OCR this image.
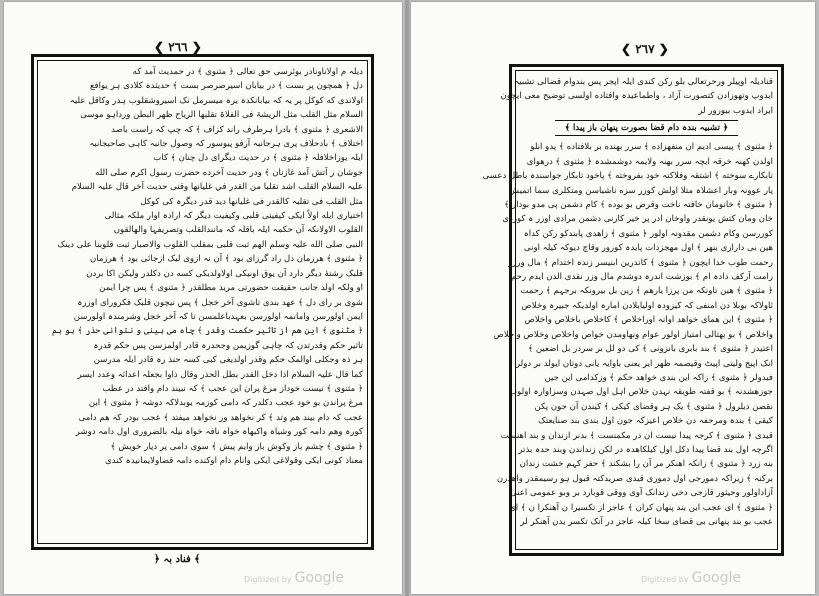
❮ ٢٦٦ ❯
دیلہ م اولاناونادر بوئرسی حق تعالی ﴿ مثنوی ﴾ در حمدیث آمد که
دل ﴿ همچون پر بست ﴾ در بیابان اسیرصرصر بست ﴾ حدیثدہ کلادی ہر یوافع
اولاندی که کوکل پر یہ کہ بیابانکدہ یرہ میسرمل نک اسیروشقلوب ہدر وکاقل علیہ
السلام مثل القلب مثل الریشۃ فی الفلاۃ تقلبها الریاح ظهر البطن ورداہو موسی
الاشعری ﴿ مثنوی ﴾ بادرا ہرطرف راند کزاف ﴾ کہ چپ کہ راست باصد
اختلاف ﴾ بادحلاف پری ہرجانبہ آرفو پیوسور کہ وصول جانبہ کاہی صاحبجانبہ
ایلہ یوزاخلافلہ ﴿ مثنوی ﴾ در حدیث دیگرای دل چنان ﴾ کاب
جوشان ز آتش آمد غازنان ﴾ ودر حدیث آخرده حضرت رسول اکرم صلی الله
علیہ السلام القلب اشد تقلبا من القدر في غليانها وقتی حدیث آخر قال علیہ السلام
مثل القلب فی تقلبہ کالقدر فی غلیانها دید قدر دیگرہ کی کوکل
اختیاری ایله اولاً ایکی کیفیتی قلبی وکیفیت دیگر کہ ارادہ اوار ملکہ مثالی
القلوب الاولانکہ آن حکمہ ایلہ باقلہ کہ مانندالقلب وتصریفہا والهالقوں
النبی صلی الله علیہ وسلم الهم ثبت قلبی بمقلب القلوب والاصبار ثبت قلوبنا علی دینک
﴿ مثنوی ﴾ هرزمان دل راد گرزای بود ﴾ آن نہ ازوی لیک ازجائی بود ﴾ هرزمان
قلبک رشتهٔ دیگر دارد آن یوق اونیکی اولاولدیکی کسه دن دکلدر ولیکن اکا بردن
او ولکہ اولد جانب حقیقت حضورتی مرید مطلقدر ﴿ مثنوی ﴾ پس چرا ایمن
شوی بر رای دل ﴾ عهد بندی تاشوی آخر خجل ﴾ پس نیچون قلبک فکرورای اوزرہ
ایمن اولورسن وامانمہ اولورسن بعہدباعلمسن تا کہ آخر خجل وشرمندہ اولورسن
﴿ مثنوی ﴾ این هم از تاثیر حکمت وقدر ﴾ چاہ می بینی و نتوانی حذر ﴾ بو ہم
تاثیر حکم وقدرتدن کہ چاہی گوزیمن وجحدرہ قادر اولمزسن پس حکم قدرہ
ہر ذہ وجکلی اوالمک حکم وقدر اولدیغی کبی کسہ حنذ رہ قادر ایلہ مدرسن
کما قال علیہ السلام اذا دخل القدر بطل الحذر وقال ذاوا بجعلہ اعدائہ وعدد ایسر
﴿ مثنوی ﴾ نیست خوداز مرغ پران این عجب ﴾ کہ نبیند دام وافتد در عطب
مرغ پراندن بو خود عجب دکلدر کہ دامی کوزمہ یوبدلاکہ دوشہ ﴿ مثنوی ﴾ این
عجب کہ دام بیند هم وتد ﴾ کر نخواهد ور نخواهد میفتد ﴾ عجب بودر کہ هم دامی
کورہ وهم دامہ کور وشیاہ واکبھاہ خواہ نافہ خواہ نیلہ بالضروری اول دامہ دوشر
﴿ مثنوی ﴾ چشم باز وکوش باز وایم پیش ﴾ سوی دامی پر دپار خویش ﴾
معناذ کونی ایکی وقولاغی ایکی وانام دام اوکنده دامہ قضاولایمانیدہ کندی
﴿ فناد بہ ﴾
Digitized by Google
❮ ٢٦٧ ❯
قنادیلہ اوپیلر ورحرتعالی بلو رکن کندی ایلہ اپجر پس بندوام قضالی تشبیہ
ایدوپ وتهوزادن کتصورت آزاد ، واطماعیدہ وافتاده اولسی توضیح معی ایچون
ایراد ایدوب بیورور لر
﴿ تشبیہ بندہ دام قضا بصورت پنهان باز پیدا ﴾
﴿ مثنوی ﴾ پیسی ادیم ان منفهزاده ﴾ سرر بهنده بر بلافتاده ﴾ پدو انلو
اولدن کهنہ خرقہ ایچہ سرر بهنہ ولایمہ دوشمشدہ ﴿ مثنوی ﴾ درهوای
تابکارے سوخته ﴾ اشتقہ وفلاکتہ خود بفروخته ﴾ پاخود تابکار جواسندہ باطل دعسی
پار عوونہ وبار اعشلاہ متلا اولش کوزر سزه ناشیاسن ومتکلری سما اتمیش
﴿ مثنوی ﴾ خانومان خافتہ ناخت وقرض بو بوده ﴾ کام دشمن پی مدو بودار ﴾
خان ومان کتش یونقدر واوخان ادر پر خیر کارنی دشمن مرادی اوزر ہ کوردی
کوررسن وکام دشمن مقدونہ اولور ﴿ مثنوی ﴾ زاهدی پابندکو رکن کداہ
هین بی دارازی بنهر ﴾ اول مهجزدات پایدہ کورور وقاچ دیوکہ کیلہ اونی
رحمت طوب خدا ایچون ﴿ مثنوی ﴾ کاندرین ابنیسر زندہ اختدام ﴾ مال ورزر
رامت آرکف دادہ ام ﴾ بوزشت اندرہ دوشدم مال وزر نقدی الدن ایدم رحم
﴿ مثنوی ﴾ هین تاونکہ من پرزا یارهم ﴾ زین بل بیرونکہ برجہم ﴾ رحمت
ئاولاکہ بوبلا دن امنفی کہ کیزودہ اولیابلادن امارہ اولدیکہ جبیرہ وخلاص
﴿ مثنوی ﴾ این همای خواهد اوانہ اوراخلاص ﴾ کاخلاص باخلاص واخلاص
واخلاص ﴾ بو بهتالی امتیاز اولور عوام ونهاومدن خواص واخلاص وخلاص واخلاص
اعتیدر ﴿ مثنوی ﴾ بند بابری بانزونی ﴾ کی دو لل بر سردر بل اضعین ﴾
انک اپبج ولیتی اپیٹ وقیصمہ ظهر ایر یعنی باوایہ یانی دوتان ایولد بر دولر
فیدولر ﴿ مثنوی ﴾ زاکہ این بندی خواهد حکم ﴾ وزکدامی این جیں
جوزهشدنہ ﴾ بو قفتہ طویقہ نہدن خلاص اہل اول صہدن وسزاوارہ اولوب
نقصن دیلرول ﴿ مثنوی ﴾ یک ہر وقضای کیکی ﴾ کیندن آن جون پکن
کیقی ﴾ بندہ ومرحفہ دن خلاص اعیزکہ جون اول بندی بند صنایعتک
قیدی ﴿ مثنوی ﴾ کرجہ پیدا نیست ان در مکمنست ﴾ بدنر ازندان و بند اهنست
اگرچہ اول بند قضا پیدا دکل اول کیلکاهدہ در لکن زنداندن وبند حدہ بذتر
بنه زرد ﴿ مثنوی ﴾ زانکہ اهنکر مر آن را بشکند ﴾ حفر کہم خشت زندان
برکنہ ﴾ زیراکہ دمورجی اول دموری قیدی صریدکتہ قبول ہو رسیمقدر واهدرن
آزاداولور وحیثور قازجی دخی زندانک آوی ووقی قوبارد بر وبو عمومی اعنی
﴿ مثنوی ﴾ ای عجب این بند پنهان کران ﴾ عاجز از تکسیرا ن آهنکرا ن ﴾ ای
عجب بو بند پنهانی بی قضای سخا کیلہ عاجز در آنک تکسر یدن آهنکر لر
Digitized by Google
